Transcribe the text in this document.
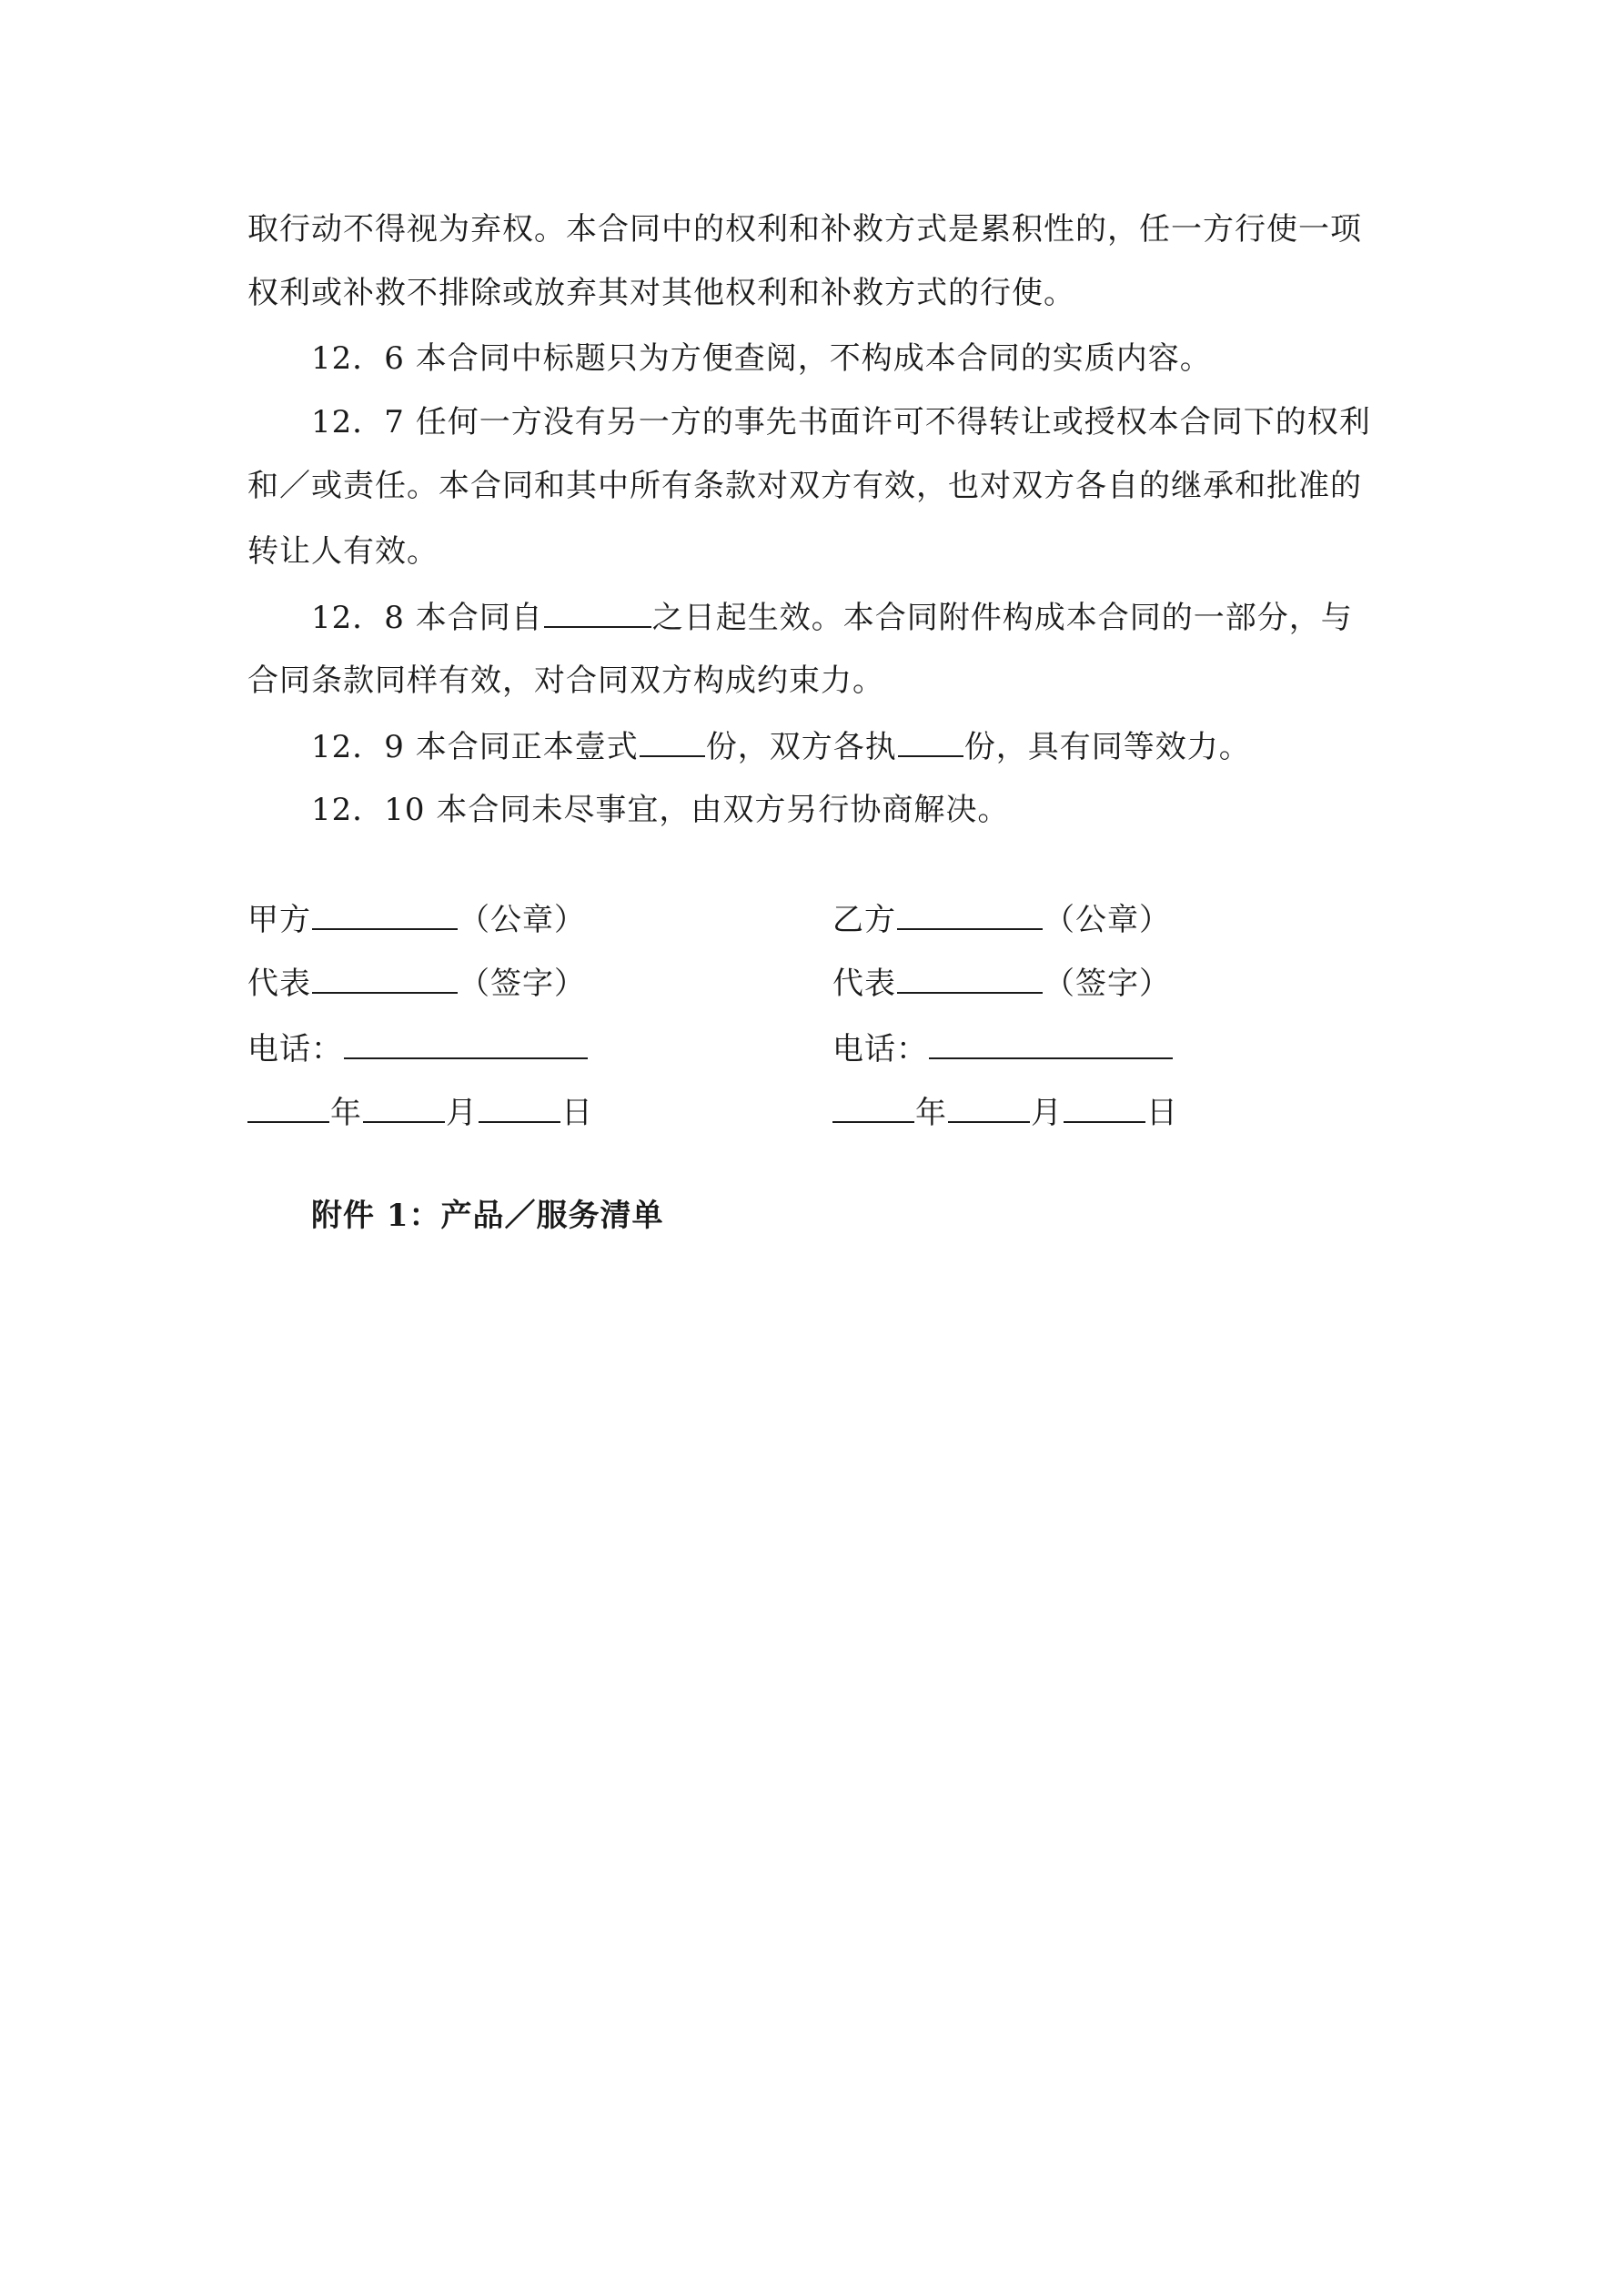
取行动不得视为弃权。本合同中的权利和补救方式是累积性的，任一方行使一项
权利或补救不排除或放弃其对其他权利和补救方式的行使。
12．6 本合同中标题只为方便查阅，不构成本合同的实质内容。
12．7 任何一方没有另一方的事先书面许可不得转让或授权本合同下的权利
和／或责任。本合同和其中所有条款对双方有效，也对双方各自的继承和批准的
转让人有效。
12．8 本合同自	之日起生效。本合同附件构成本合同的一部分，与
合同条款同样有效，对合同双方构成约束力。
12．9 本合同正本壹式 份，双方各执 份，具有同等效力。
12．10 本合同未尽事宜，由双方另行协商解决。
甲方	（公章）
代表	（签字）
电话：
年	月	日
乙方	（公章）
代表	（签字）
电话：
年	月	日
附件 1：产品／服务清单
